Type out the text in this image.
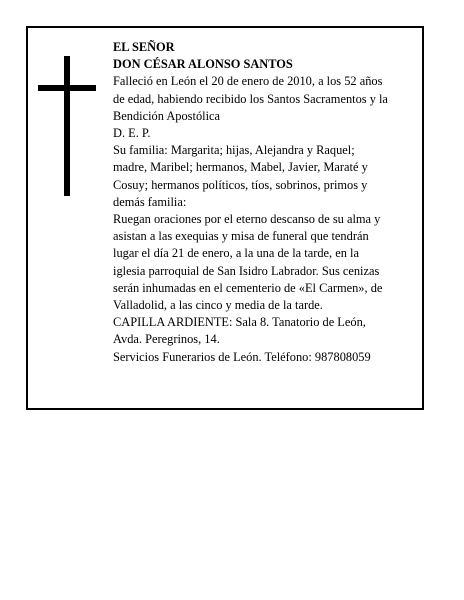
EL SEÑOR
DON CÉSAR ALONSO SANTOS
Falleció en León el 20 de enero de 2010, a los 52 años
de edad, habiendo recibido los Santos Sacramentos y la
Bendición Apostólica
D. E. P.
Su familia: Margarita; hijas, Alejandra y Raquel;
madre, Maribel; hermanos, Mabel, Javier, Maraté y
Cosuy; hermanos políticos, tíos, sobrinos, primos y
demás familia:
Ruegan oraciones por el eterno descanso de su alma y
asistan a las exequias y misa de funeral que tendrán
lugar el día 21 de enero, a la una de la tarde, en la
iglesia parroquial de San Isidro Labrador. Sus cenizas
serán inhumadas en el cementerio de «El Carmen», de
Valladolid, a las cinco y media de la tarde.
CAPILLA ARDIENTE: Sala 8. Tanatorio de León,
Avda. Peregrinos, 14.
Servicios Funerarios de León. Teléfono: 987808059
